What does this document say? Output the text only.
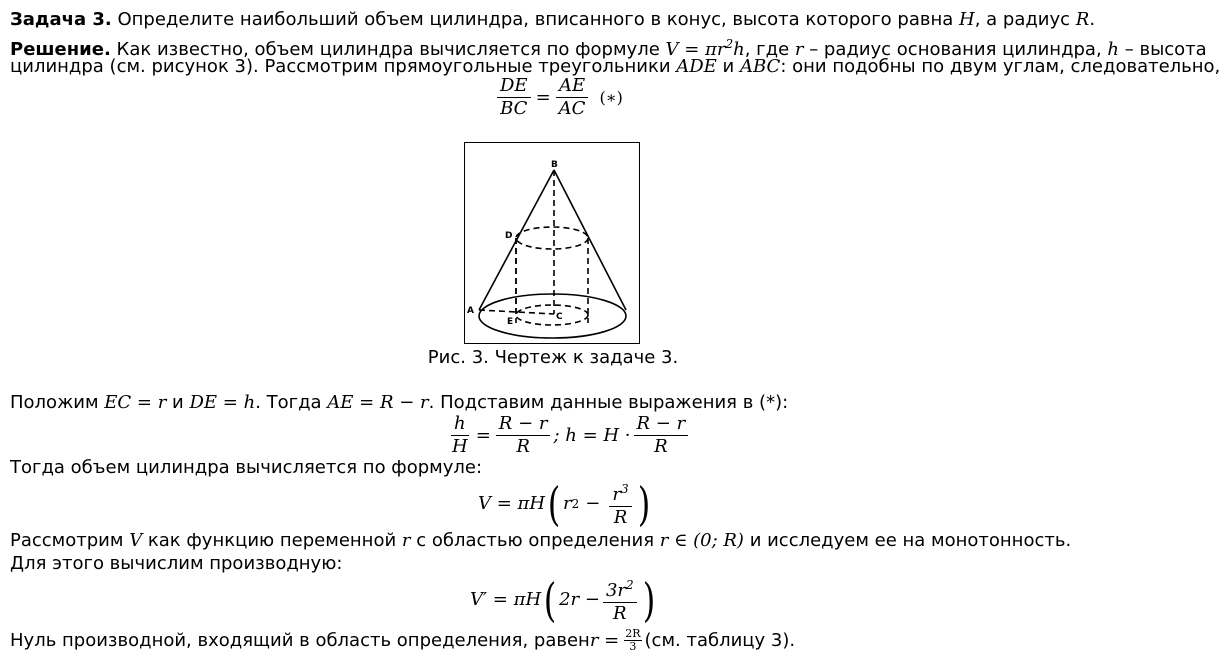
Задача 3. Определите наибольший объем цилиндра, вписанного в конус, высота которого равна H, а радиус R.
Решение. Как известно, объем цилиндра вычисляется по формуле $V = \pi r^2h$, где r – радиус основания цилиндра, h – высота
цилиндра (см. рисунок 3). Рассмотрим прямоугольные треугольники ADE и ABC: они подобны по двум углам, следовательно,
$\frac{DE}{BC} = \frac{AE}{AC}$ (∗)
B
D
A
E	C
Рис. 3. Чертеж к задаче 3.
Положим EC = r и DE = h. Тогда AE = R − r. Подставим данные выражения в (*):
$\frac{h}{H} = \frac{R - r}{R}$ ; $h = H \cdot \frac{R - r}{R}$
Тогда объем цилиндра вычисляется по формуле:
V = πH ( r $2 - \frac{r^3}{R}$ )
Рассмотрим V как функцию переменной r с областью определения r ∈ (0; R) и исследуем ее на монотонность.
Для этого вычислим производную:
V′ = πH ( $2r - \frac{3r^2}{R}$ )
Нуль производной, входящий в область определения, равен $r = \frac{2R}{3} (см$. таблицу 3).
